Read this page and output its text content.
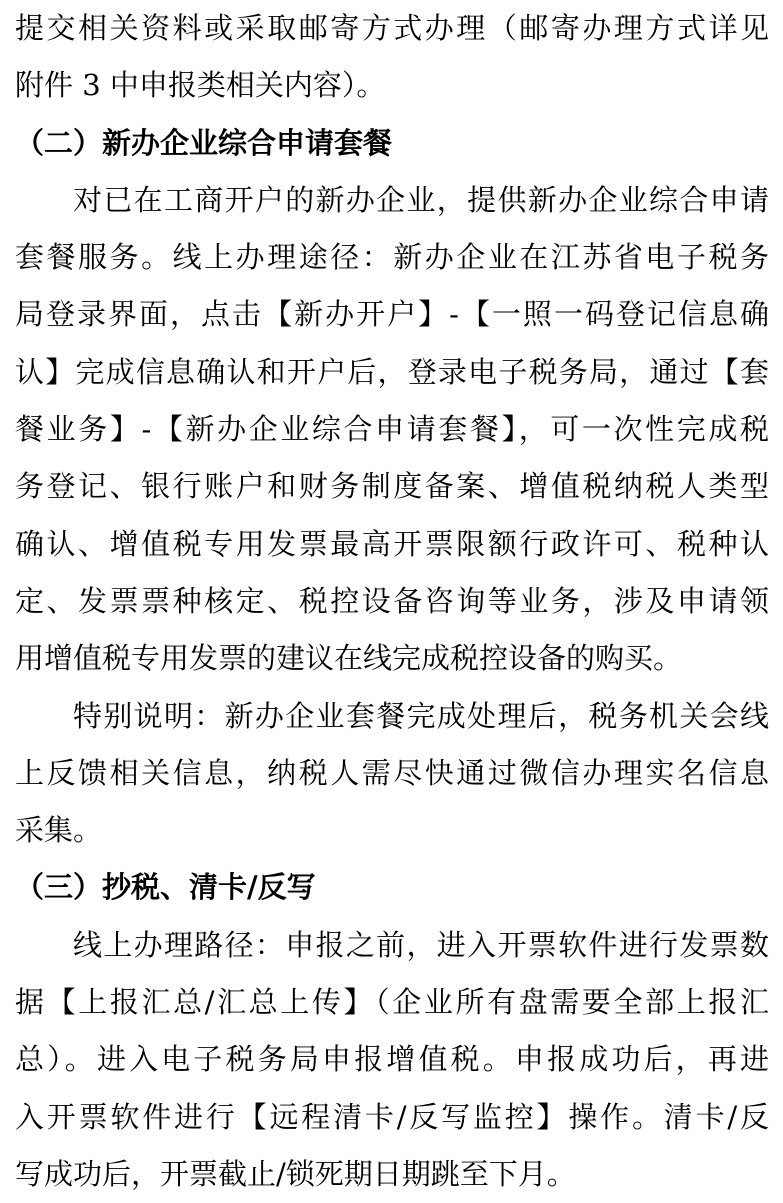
提交相关资料或采取邮寄方式办理（邮寄办理方式详见
附件 3 中申报类相关内容）。
（二）新办企业综合申请套餐
对已在工商开户的新办企业，提供新办企业综合申请
套餐服务。线上办理途径：新办企业在江苏省电子税务
局登录界面，点击【新办开户】-【一照一码登记信息确
认】完成信息确认和开户后，登录电子税务局，通过【套
餐业务】-【新办企业综合申请套餐】，可一次性完成税
务登记、银行账户和财务制度备案、增值税纳税人类型
确认、增值税专用发票最高开票限额行政许可、税种认
定、发票票种核定、税控设备咨询等业务，涉及申请领
用增值税专用发票的建议在线完成税控设备的购买。
特别说明：新办企业套餐完成处理后，税务机关会线
上反馈相关信息，纳税人需尽快通过微信办理实名信息
采集。
（三）抄税、清卡/反写
线上办理路径：申报之前，进入开票软件进行发票数
据【上报汇总/汇总上传】（企业所有盘需要全部上报汇
总）。进入电子税务局申报增值税。申报成功后，再进
入开票软件进行【远程清卡/反写监控】操作。清卡/反
写成功后，开票截止/锁死期日期跳至下月。
